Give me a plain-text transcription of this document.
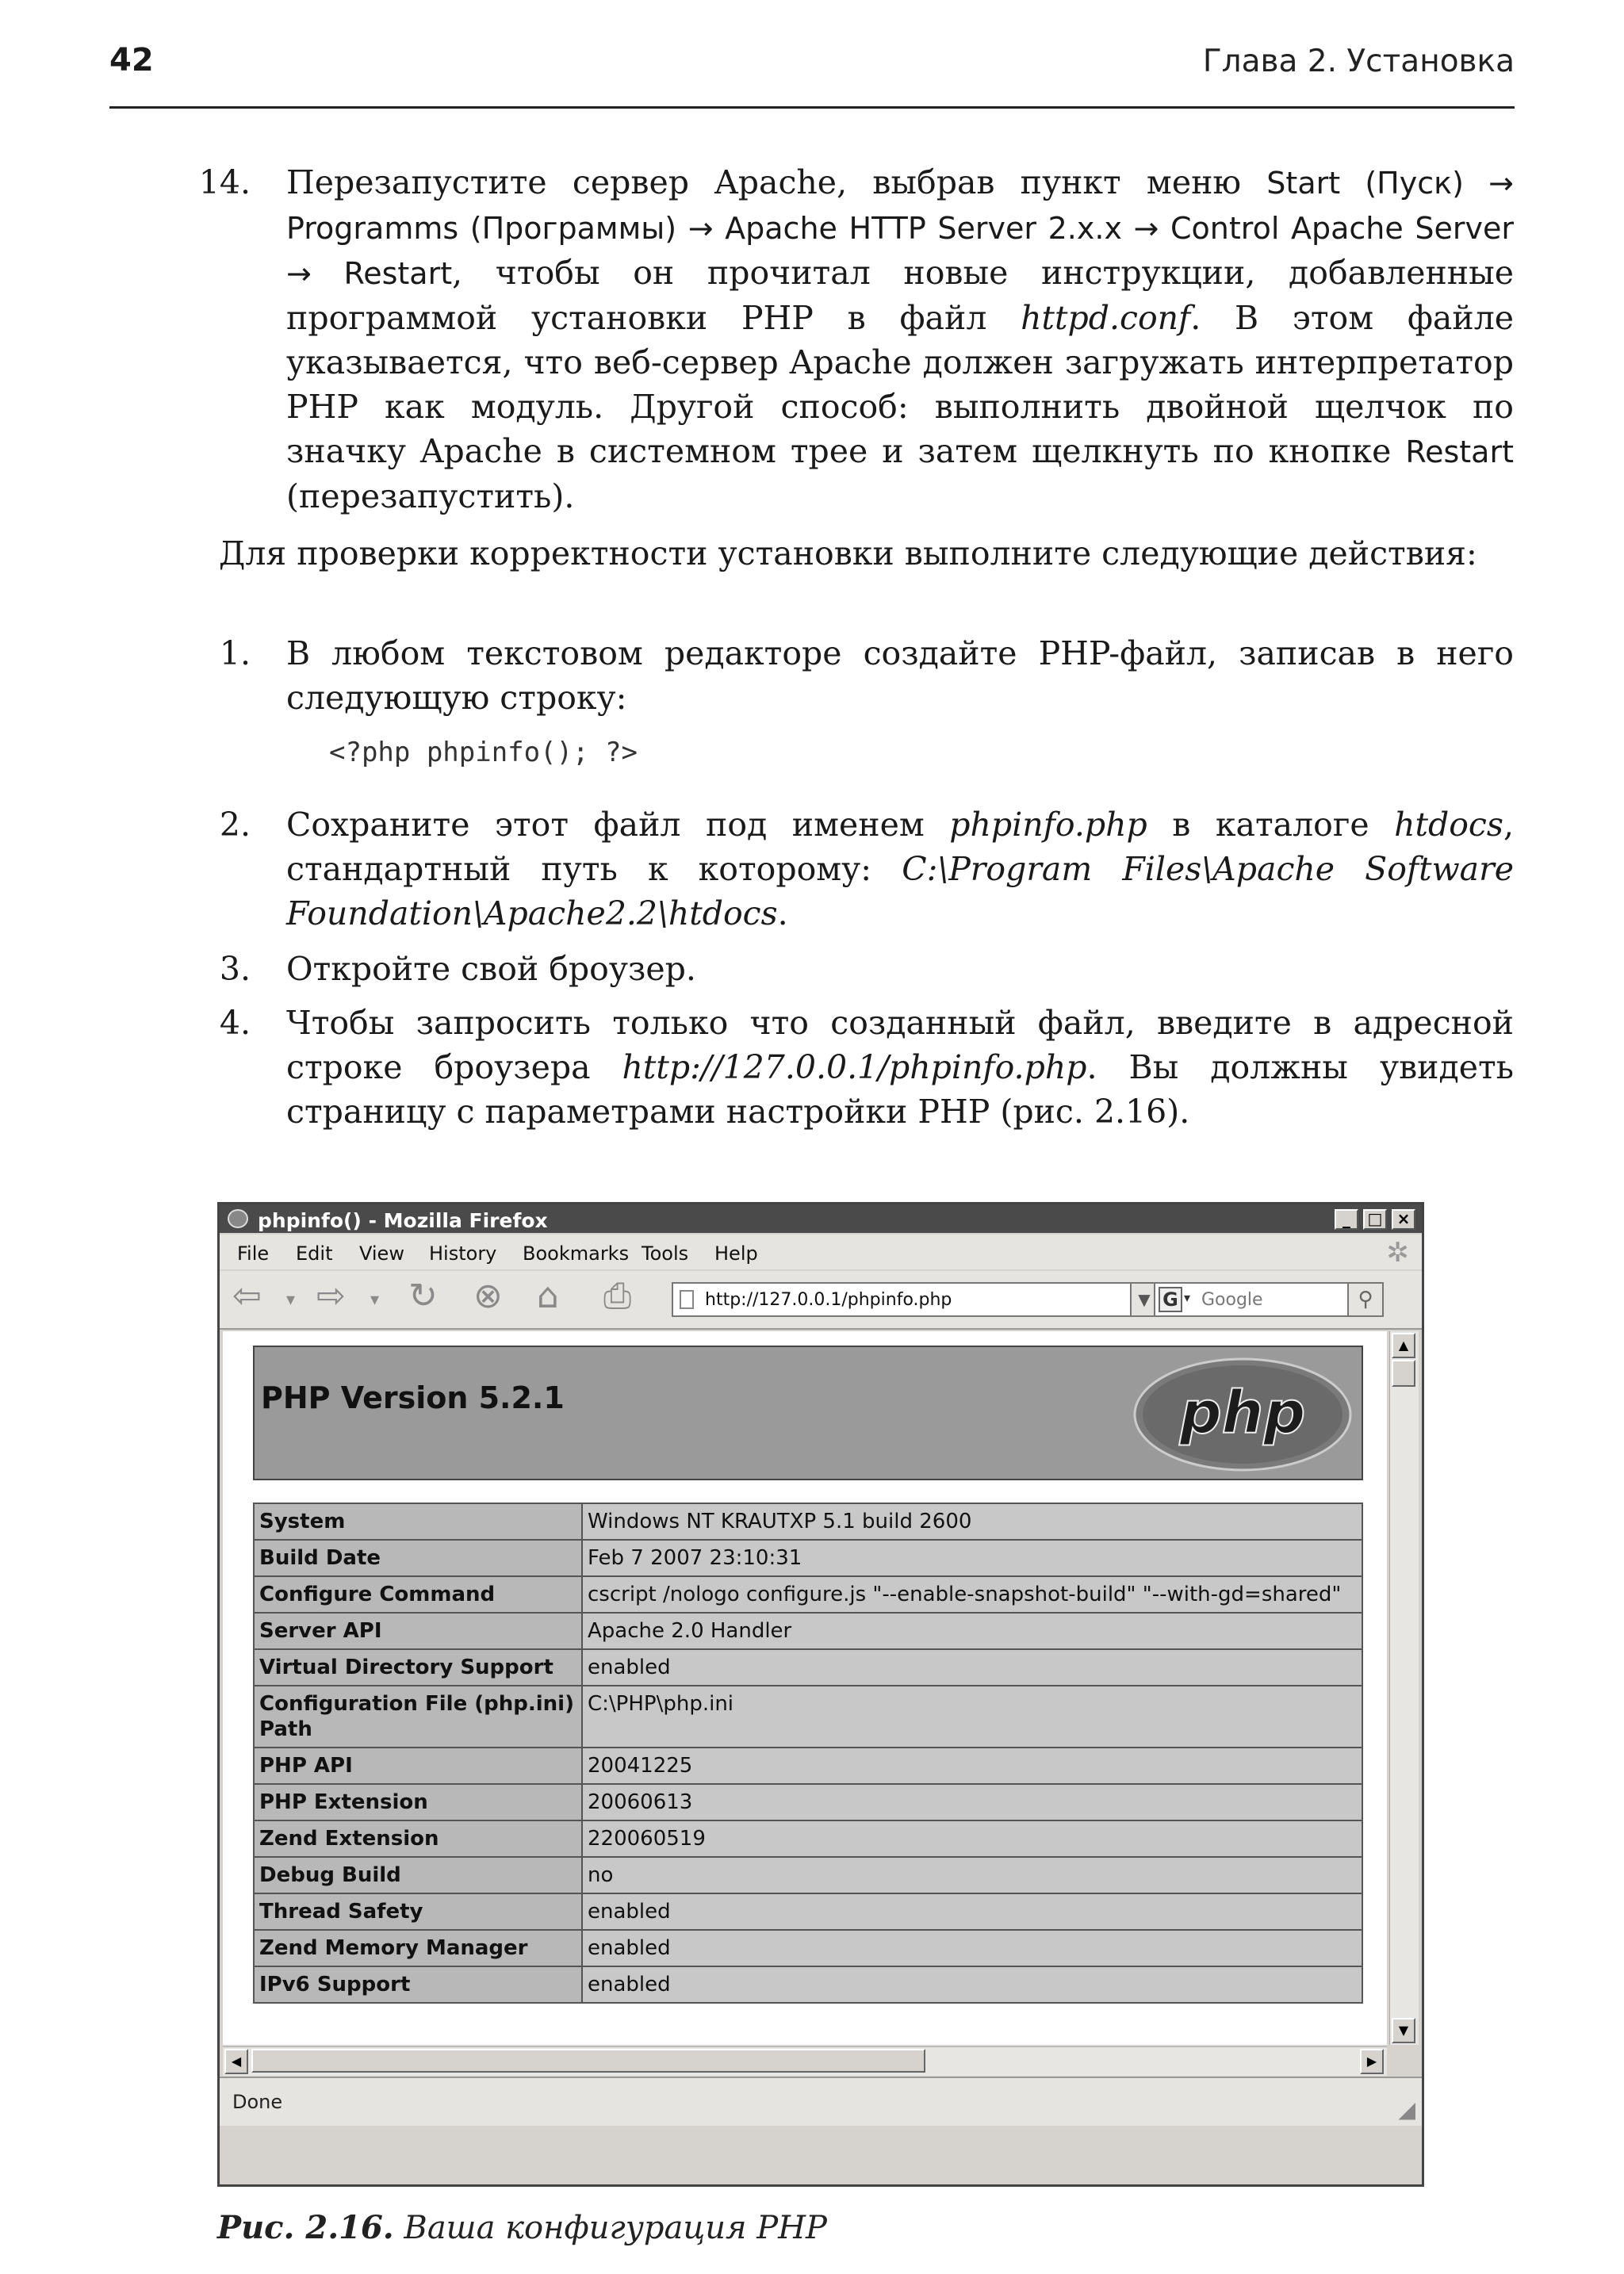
42	Глава 2. Установка
14. Перезапустите сервер Apache, выбрав пункт меню Start (Пуск) → Programms (Программы) → Apache HTTP Server 2.x.x → Control Apache Server → Restart, чтобы он прочитал новые инструкции, добавленные программой установки PHP в файл httpd.conf. В этом файле указывается, что веб-сервер Apache должен загружать интерпретатор PHP как модуль. Другой способ: выполнить двойной щелчок по значку Apache в системном трее и затем щелкнуть по кнопке Restart (перезапустить).
Для проверки корректности установки выполните следующие действия:
1. В любом текстовом редакторе создайте PHP-файл, записав в него следующую строку:
<?php phpinfo(); ?>
2. Сохраните этот файл под именем phpinfo.php в каталоге htdocs, стандартный путь к которому: C:\Program Files\Apache Software Foundation\Apache2.2\htdocs.
3. Откройте свой броузер.
4. Чтобы запросить только что созданный файл, введите в адресной строке броузера http://127.0.0.1/phpinfo.php. Вы должны увидеть страницу с параметрами настройки PHP (рис. 2.16).
phpinfo() - Mozilla Firefox	_	□ ×
File Edit View History Bookmarks Tools Help	✲
⇦ ▾ ⇨ ▾ ↻ ⊗ ⌂ ⎙	http://127.0.0.1/phpinfo.php	▼ G ▾ Google	⚲
PHP Version 5.2.1	php
System	Windows NT KRAUTXP 5.1 build 2600
Build Date	Feb 7 2007 23:10:31
Configure Command	cscript /nologo configure.js "--enable-snapshot-build" "--with-gd=shared"
Server API	Apache 2.0 Handler
Virtual Directory Support	enabled
Configuration File (php.ini) Path	C:\PHP\php.ini
PHP API	20041225
PHP Extension	20060613
Zend Extension	220060519
Debug Build	no
Thread Safety	enabled
Zend Memory Manager	enabled
IPv6 Support	enabled
▲
▼
◀	▶
Done	◢
Рис. 2.16. Ваша конфигурация PHP
